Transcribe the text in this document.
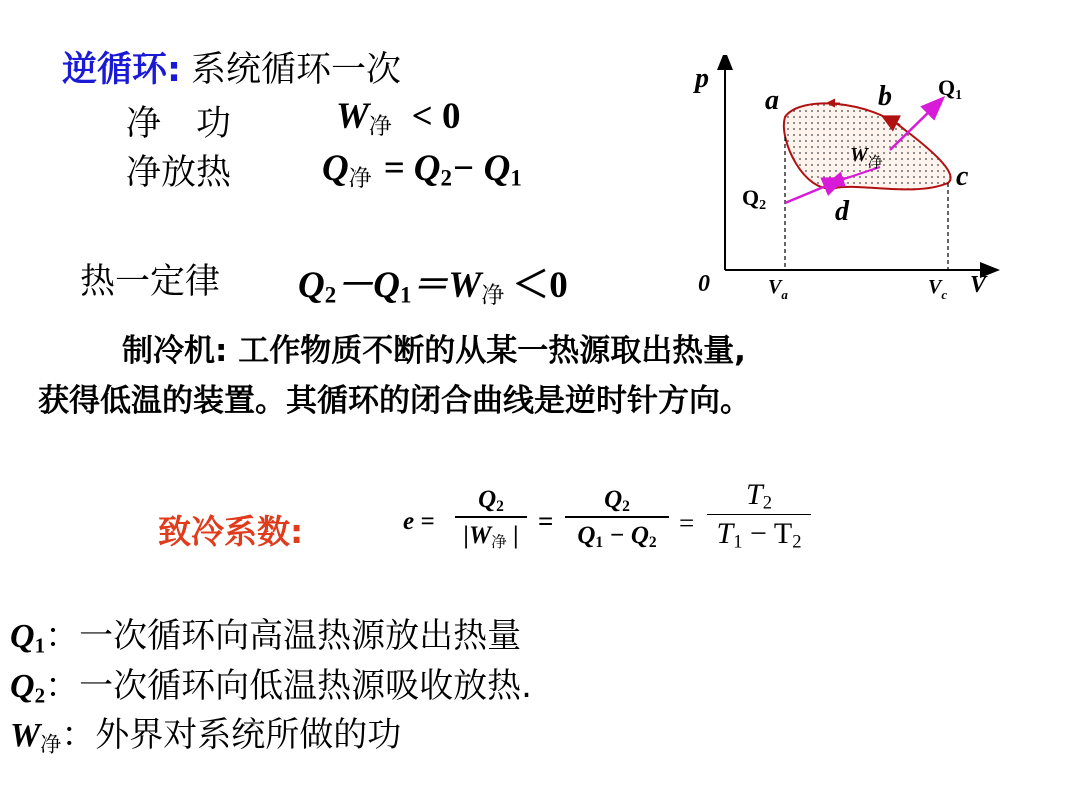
逆循环: 系统循环一次
净　功	$W_净 < 0$
净放热 $Q_净 = Q_2- Q_1$
热一定律 $Q_2-Q_1=W_净 <0$
制冷机: 工作物质不断的从某一热源取出热量,
获得低温的装置。其循环的闭合曲线是逆时针方向。
致冷系数:	e =
$Q_2$
$|W_净$ | =
$Q_2$
$Q_1 - Q_2$
=
$T_2$
$T_1 - T_2$
$Q_1$：一次循环向高温热源放出热量
$Q_2$：一次循环向低温热源吸收放热.
$W_净$：外界对系统所做的功
p
V
0
a	b
c
d
Q1
Q2
$W_净$
$V_a$	$V_c$
